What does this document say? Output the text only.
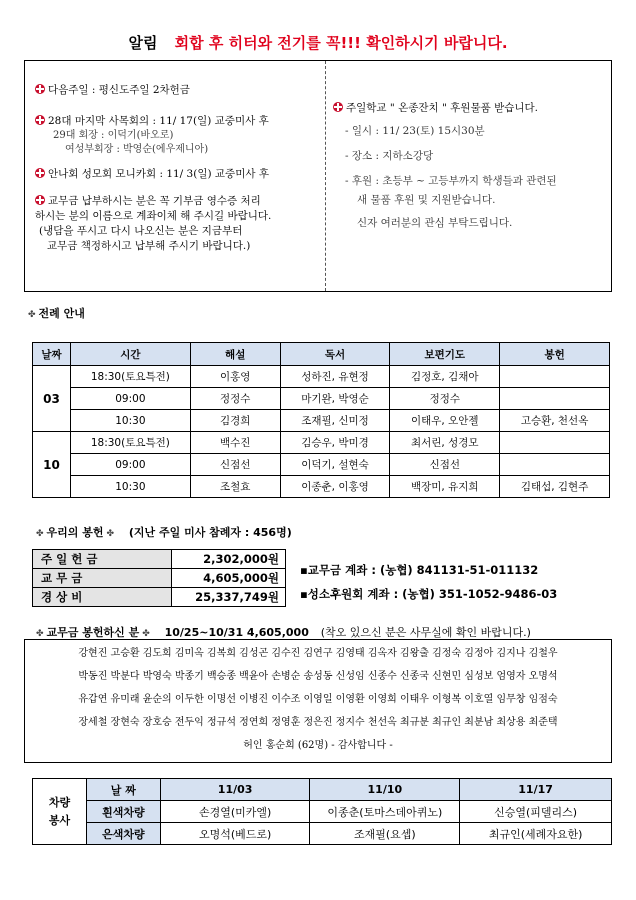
알림 회합 후 히터와 전기를 꼭!!! 확인하시기 바랍니다.
다음주일 : 평신도주일 2차헌금
28대 마지막 사목회의 : 11/ 17(일) 교중미사 후
29대 회장 : 이덕기(바오로)
여성부회장 : 박영순(에우제니아)
안나회 성모회 모니카회 : 11/ 3(일) 교중미사 후
교무금 납부하시는 분은 꼭 기부금 영수증 처리
하시는 분의 이름으로 계좌이체 해 주시길 바랍니다.
(냉담을 푸시고 다시 나오신는 분은 지금부터
교무금 책정하시고 납부해 주시기 바랍니다.)
주일학교 " 온종잔치 " 후원물품 받습니다.
- 일시 : 11/ 23(토) 15시30분
- 장소 : 지하소강당
- 후원 : 초등부 ~ 고등부까지 학생들과 관련된
새 물품 후원 및 지원받습니다.
신자 여러분의 관심 부탁드립니다.
✤ 전례 안내
날짜	시간	해설	독서	보편기도	봉헌
03	18:30(토요특전)	이홍영	성하진, 유현정	김정호, 김채아	
	09:00	정정수	마기완, 박영순	정정수	
	10:30	김경희	조재필, 신미정	이태우, 오안젤	고승환, 천선옥
10	18:30(토요특전)	백수진	김승우, 박미경	최서린, 성경모	
	09:00	신점선	이덕기, 설현숙	신점선	
	10:30	조철효	이종춘, 이홍영	백장미, 유지희	김태섭, 김현주
✤ 우리의 봉헌 ✤ (지난 주일 미사 참례자 : 456명)
주일헌금	2,302,000원
교무금	4,605,000원
경상비	25,337,749원
▪교무금 계좌 : (농협) 841131-51-011132
▪성소후원회 계좌 : (농협) 351-1052-9486-03
✤ 교무금 봉헌하신 분 ✤ 10/25~10/31 4,605,000 (착오 있으신 분은 사무실에 확인 바랍니다.)
강현진 고승환 김도희 김미옥 김복희 김성곤 김수진 김연구 김영태 김옥자 김왕출 김정숙 김정아 김지나 김철우
박동진 박분다 박영숙 박종기 백승종 백윤아 손병순 송성동 신성임 신종수 신종국 신현민 심성보 엄영자 오명석
유갑연 유미래 윤순의 이두한 이명선 이병진 이수조 이영일 이영환 이영희 이태우 이형복 이호열 임무창 임점숙
장세철 장현숙 장호승 전두익 정규석 정연희 정영훈 정은진 정지수 천선옥 최규분 최규인 최분남 최상용 최준택
허인 홍순희 (62명) - 감사합니다 -
차량
봉사	날 짜	11/03	11/10	11/17
	흰색차량	손경열(미카엘)	이종춘(토마스데아퀴노)	신승열(피델리스)
	은색차량	오명석(베드로)	조재필(요셉)	최규인(세례자요한)
